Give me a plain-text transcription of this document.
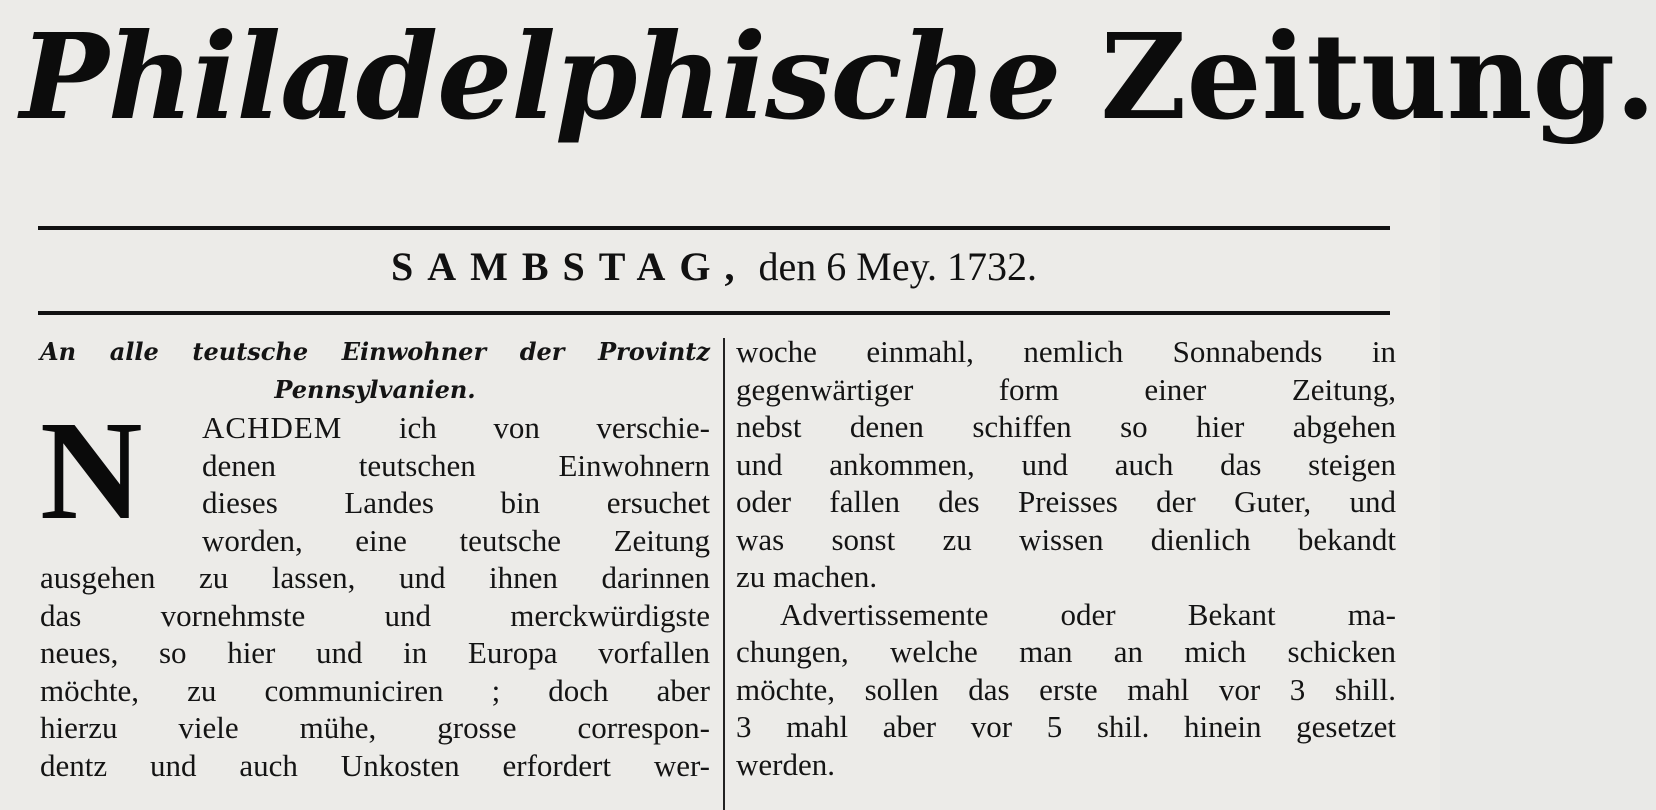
Philadelphische Zeitung.
SAMBSTAG, den 6 Mey. 1732.
An alle teutsche Einwohner der Provintz
Pennsylvanien.
N	ACHDEM ich von verschie-
denen teutschen Einwohnern
dieses Landes bin ersuchet
worden, eine teutsche Zeitung
ausgehen zu lassen, und ihnen darinnen
das vornehmste und merckwürdigste
neues, so hier und in Europa vorfallen
möchte, zu communiciren ; doch aber
hierzu viele mühe, grosse correspon-
dentz und auch Unkosten erfordert wer-
woche einmahl, nemlich Sonnabends in
gegenwärtiger form einer Zeitung,
nebst denen schiffen so hier abgehen
und ankommen, und auch das steigen
oder fallen des Preisses der Guter, und
was sonst zu wissen dienlich bekandt
zu machen.
Advertissemente oder Bekant ma-
chungen, welche man an mich schicken
möchte, sollen das erste mahl vor 3 shill.
3 mahl aber vor 5 shil. hinein gesetzet
werden.
